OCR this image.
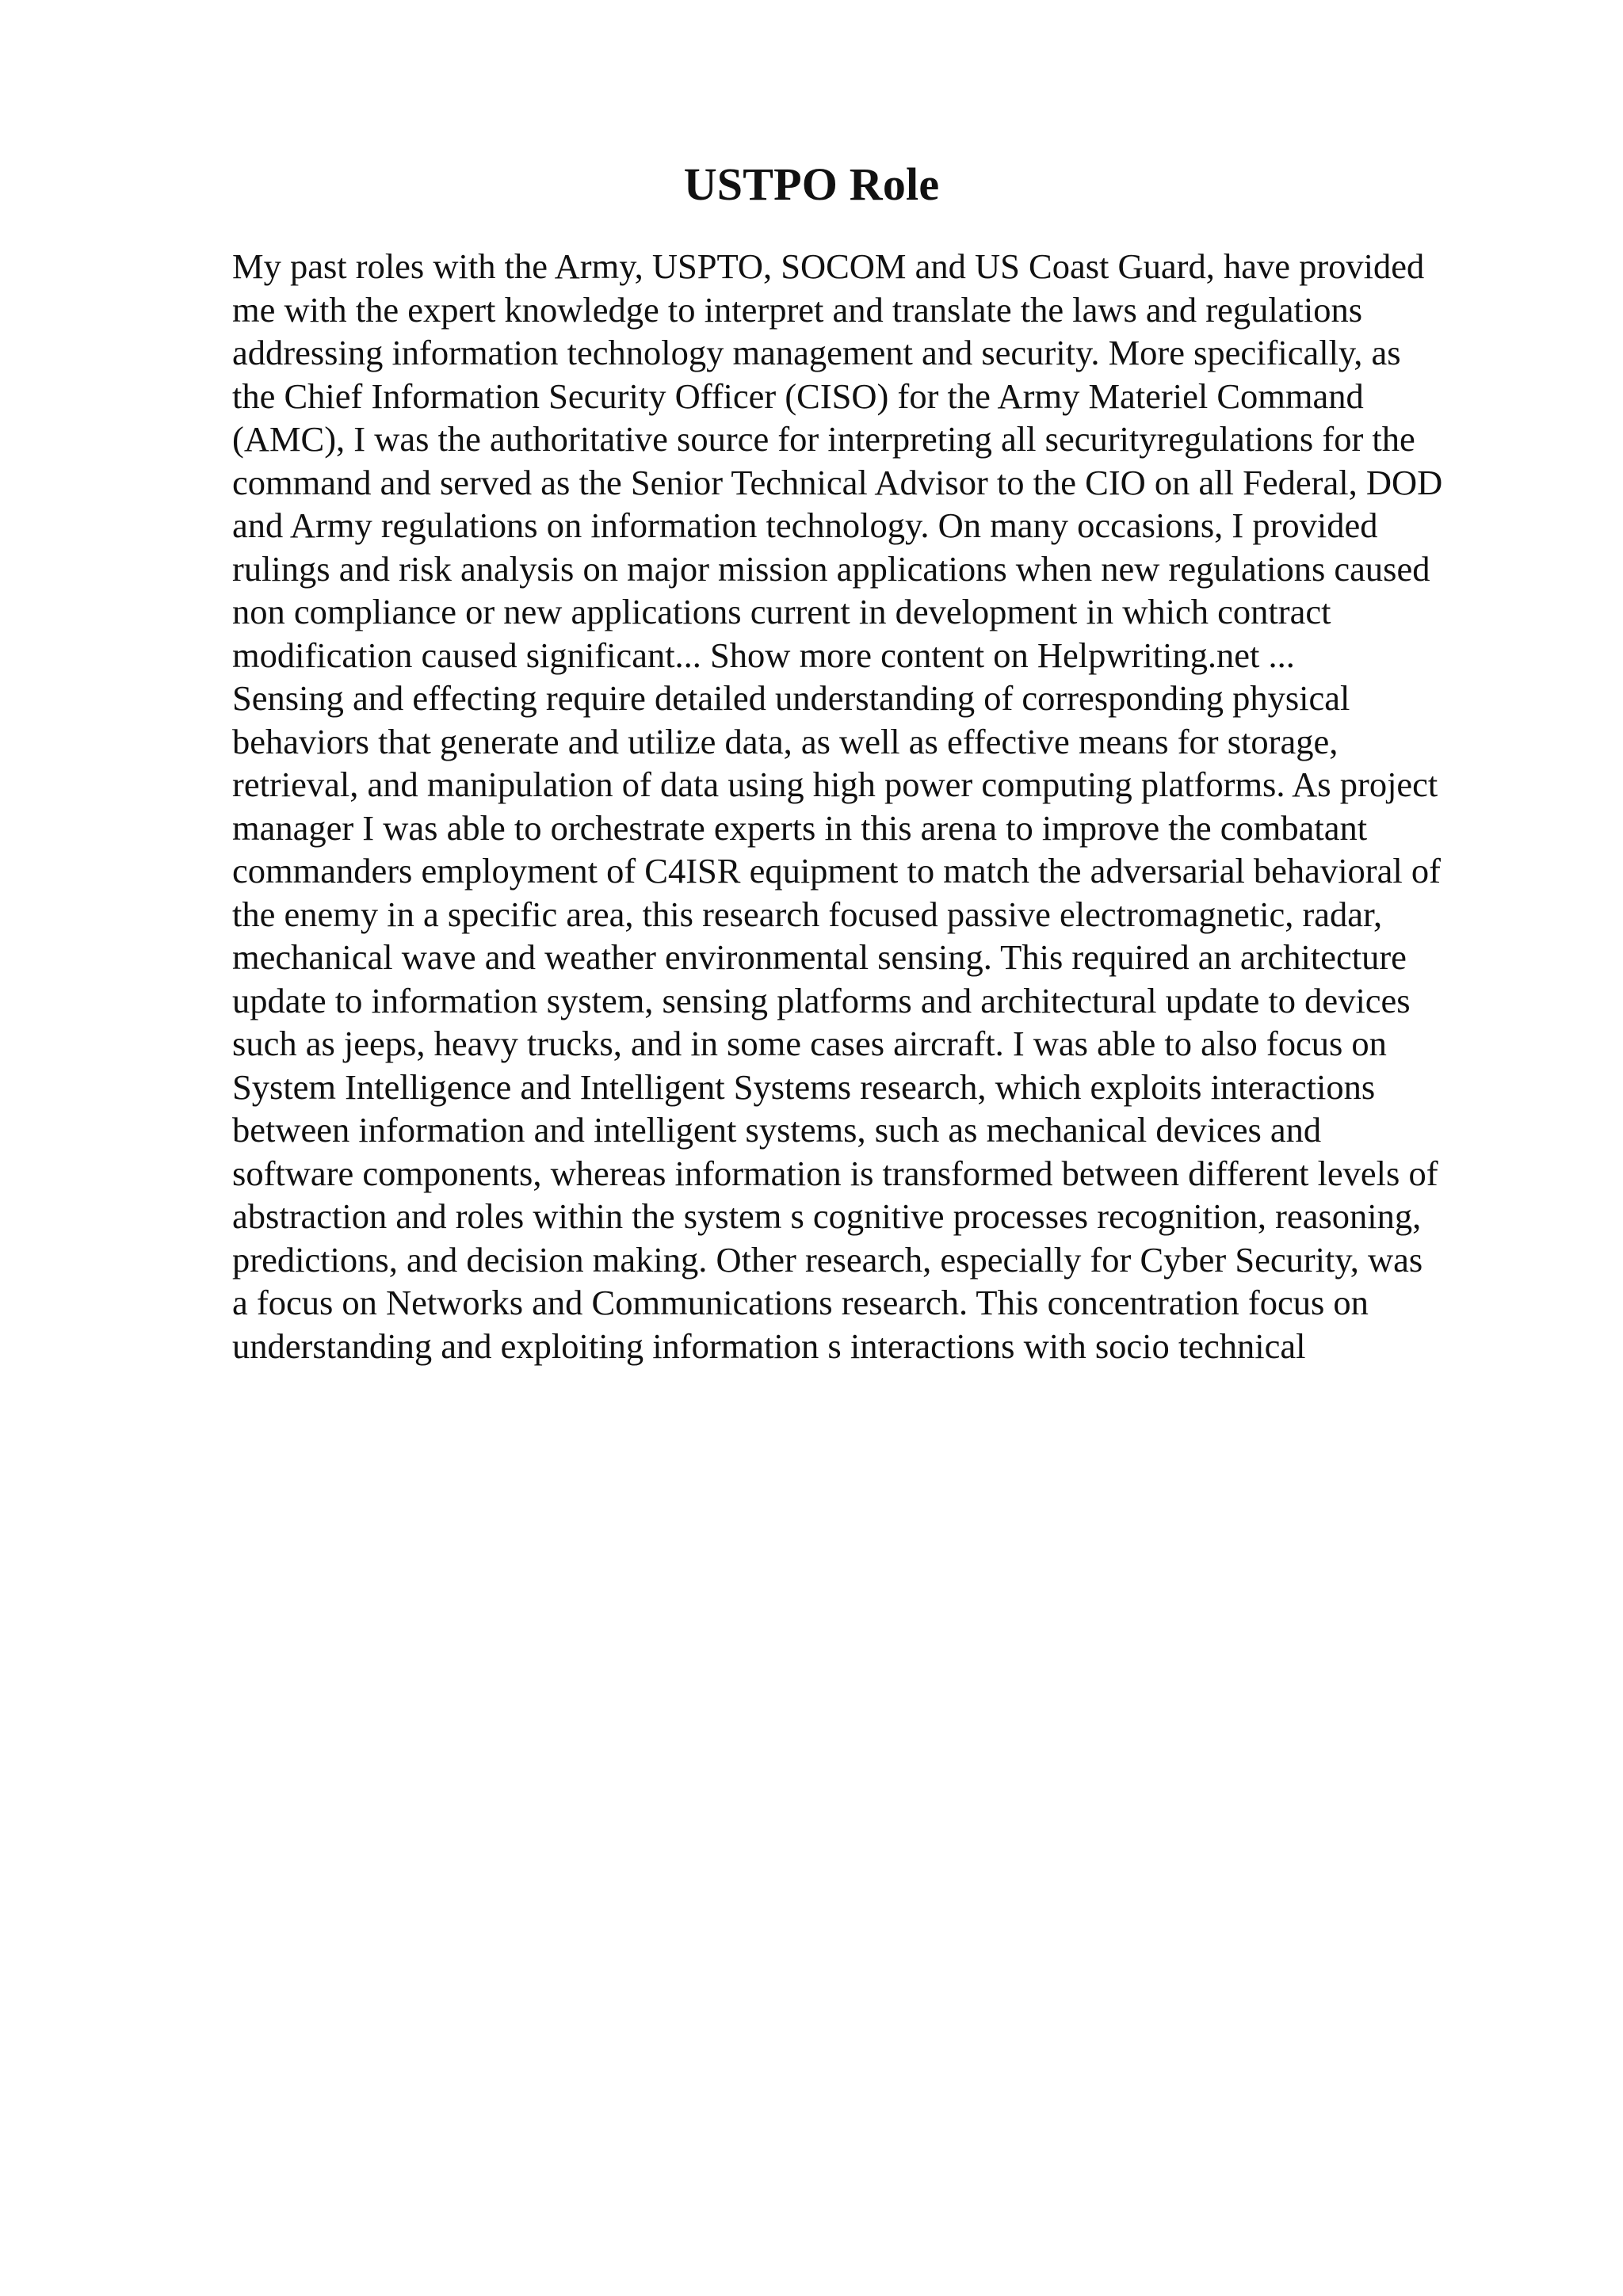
USTPO Role
My past roles with the Army, USPTO, SOCOM and US Coast Guard, have provided
me with the expert knowledge to interpret and translate the laws and regulations
addressing information technology management and security. More specifically, as
the Chief Information Security Officer (CISO) for the Army Materiel Command
(AMC), I was the authoritative source for interpreting all securityregulations for the
command and served as the Senior Technical Advisor to the CIO on all Federal, DOD
and Army regulations on information technology. On many occasions, I provided
rulings and risk analysis on major mission applications when new regulations caused
non compliance or new applications current in development in which contract
modification caused significant... Show more content on Helpwriting.net ...
Sensing and effecting require detailed understanding of corresponding physical
behaviors that generate and utilize data, as well as effective means for storage,
retrieval, and manipulation of data using high power computing platforms. As project
manager I was able to orchestrate experts in this arena to improve the combatant
commanders employment of C4ISR equipment to match the adversarial behavioral of
the enemy in a specific area, this research focused passive electromagnetic, radar,
mechanical wave and weather environmental sensing. This required an architecture
update to information system, sensing platforms and architectural update to devices
such as jeeps, heavy trucks, and in some cases aircraft. I was able to also focus on
System Intelligence and Intelligent Systems research, which exploits interactions
between information and intelligent systems, such as mechanical devices and
software components, whereas information is transformed between different levels of
abstraction and roles within the system s cognitive processes recognition, reasoning,
predictions, and decision making. Other research, especially for Cyber Security, was
a focus on Networks and Communications research. This concentration focus on
understanding and exploiting information s interactions with socio technical
